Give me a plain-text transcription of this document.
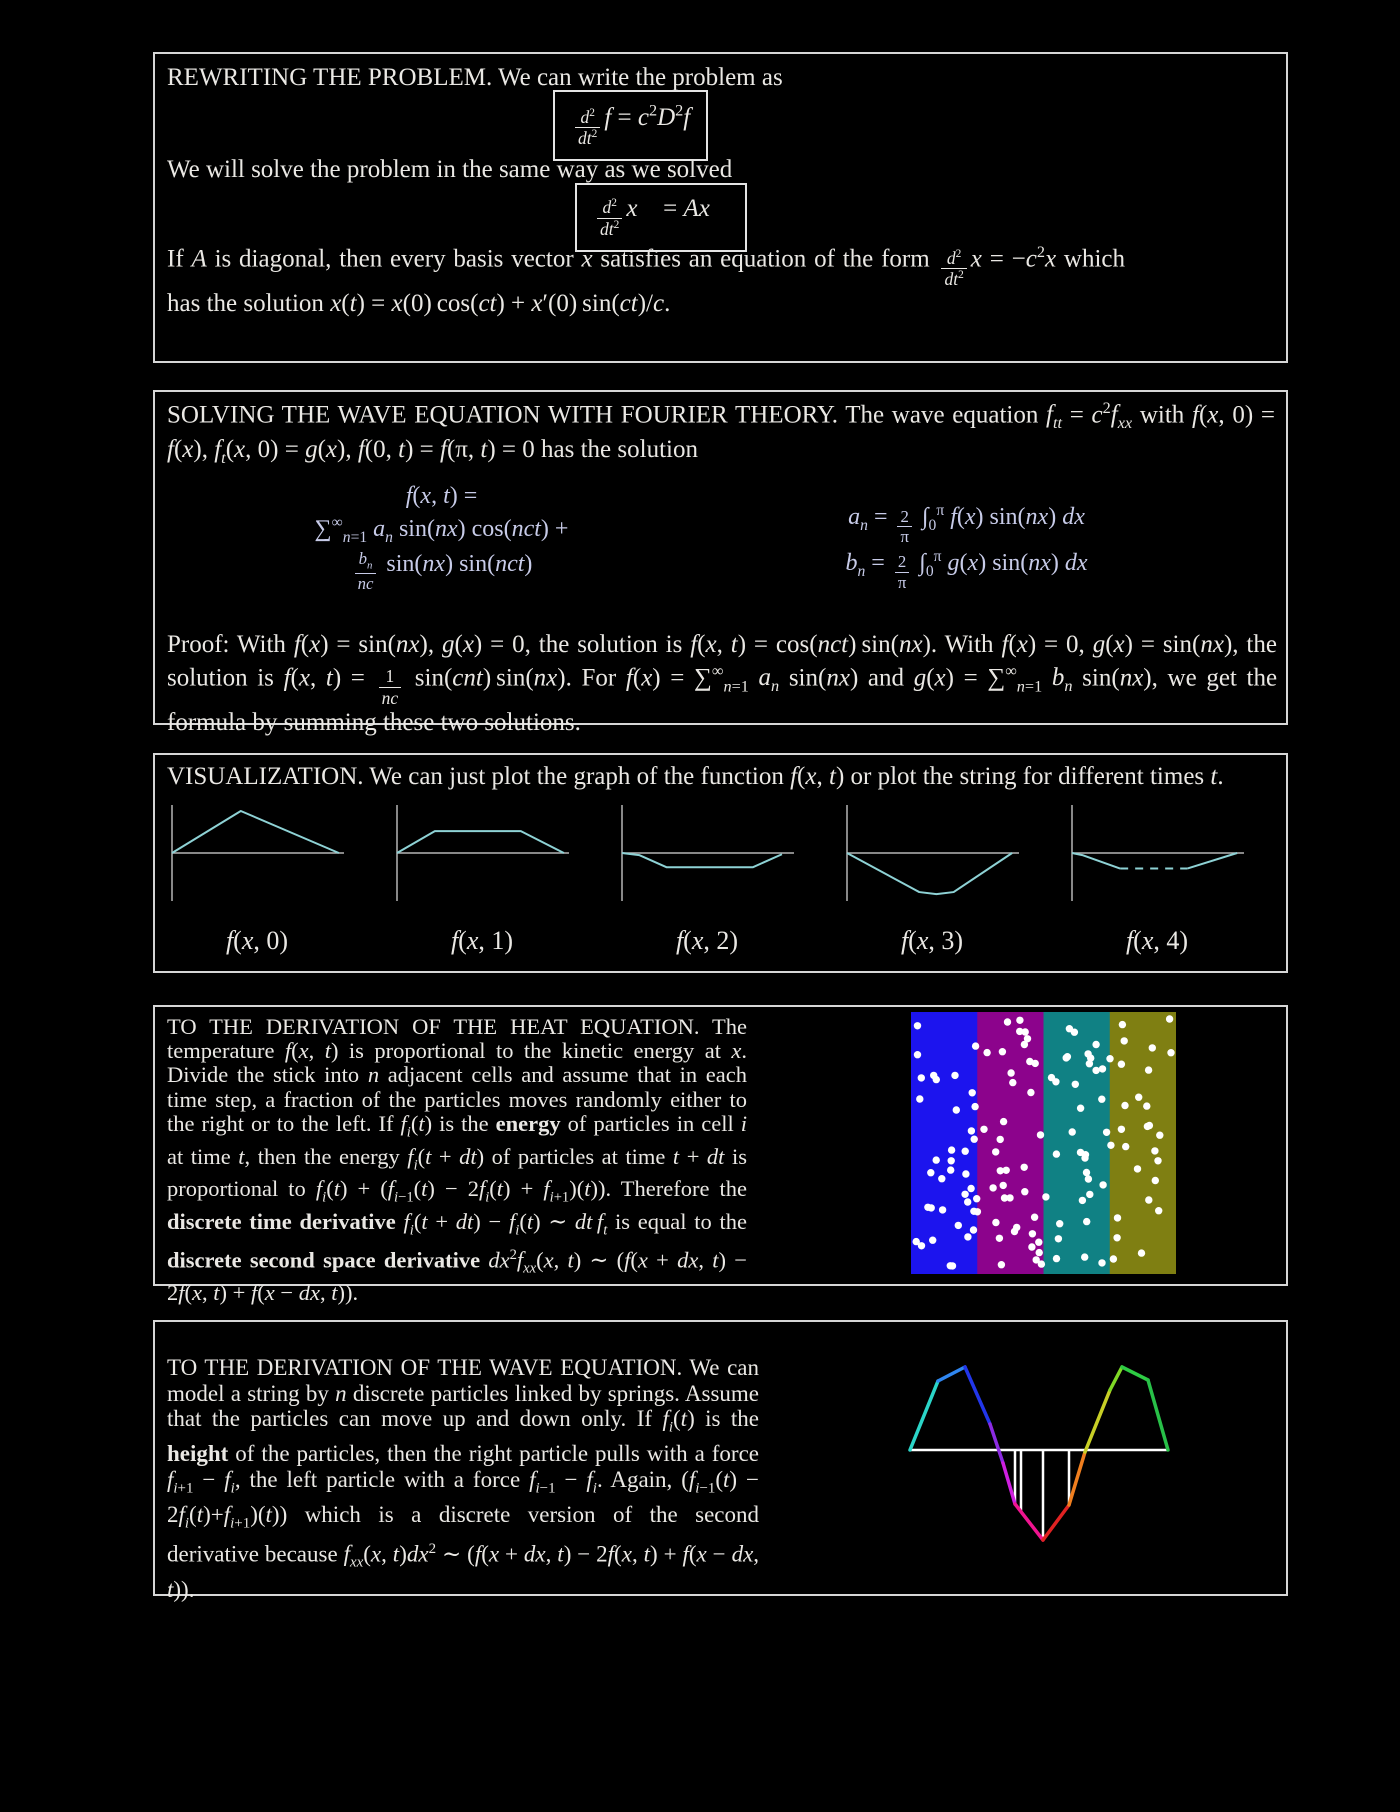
REWRITING THE PROBLEM. We can write the problem as
$\frac{d^2}{dt^2}$ $f = c^2D^2f$
We will solve the problem in the same way as we solved
$\frac{d^2}{dt^2}$ x⃗ = Ax⃗
If A is diagonal, then every basis vector x satisfies an equation of the form $\frac{d^2}{dt^2}$ $x = -c^2x$ which has the solution x(t) = x(0) cos(ct) + x′(0) sin(ct)/c.
SOLVING THE WAVE EQUATION WITH FOURIER THEORY. The wave equation $f_{tt} = c^2f_{xx}$ with f(x, 0) = f(x), $f_t(x$, 0) = g(x), f(0, t) = f(π, t) = 0 has the solution
f(x, t) =
$\sum^\infty_{n=1}$ $a_n$ sin(nx) cos(nct) +
$\frac{b_n}{nc} \sin(nx)$ sin(nct)
$a_n = \frac{2}{\pi} \int_0^\pi$ f(x) sin(nx) dx
$b_n = \frac{2}{\pi} \int_0^\pi$ g(x) sin(nx) dx
Proof: With f(x) = sin(nx), g(x) = 0, the solution is f(x, t) = cos(nct) sin(nx). With f(x) = 0, g(x) = sin(nx), the solution is f(x, $t) = \frac{1}{nc} \sin(cnt)$ sin(nx). For $f(x) = \sum^\infty_{n=1}$ $a_n$ sin(nx) and $g(x) = \sum^\infty_{n=1}$ $b_n$ sin(nx), we get the formula by summing these two solutions.
VISUALIZATION. We can just plot the graph of the function f(x, t) or plot the string for different times t.
f(x, 0)	f(x, 1)	f(x, 2)	f(x, 3)	f(x, 4)
TO THE DERIVATION OF THE HEAT EQUATION. The temperature f(x, t) is proportional to the kinetic energy at x. Divide the stick into n adjacent cells and assume that in each time step, a fraction of the particles moves randomly either to the right or to the left. If $f_i(t)$ is the energy of particles in cell i at time t, then the energy $f_i(t + dt)$ of particles at time t + dt is proportional to $f_i(t) + (f_{i-1}(t) - 2f_i(t) + f_{i+1})(t)$). Therefore the discrete time derivative $f_i(t + dt) - f_i(t)$ ∼ dt $f_t$ is equal to the discrete second space derivative $dx^2f_{xx}(x$, t) ∼ (f(x + dx, t) − 2f(x, t) + f(x − dx, t)).
TO THE DERIVATION OF THE WAVE EQUATION. We can model a string by n discrete particles linked by springs. Assume that the particles can move up and down only. If $f_i(t)$ is the height of the particles, then the right particle pulls with a force $f_{i+1} - f_i$, the left particle with a force $f_{i-1} - f_i$. Again, $(f_{i-1}(t) - 2f_i(t)+f_{i+1})(t)$) which is a discrete version of the second derivative because $f_{xx}(x$, $t)dx^2$ ∼ (f(x + dx, t) − 2f(x, t) + f(x − dx, t)).
